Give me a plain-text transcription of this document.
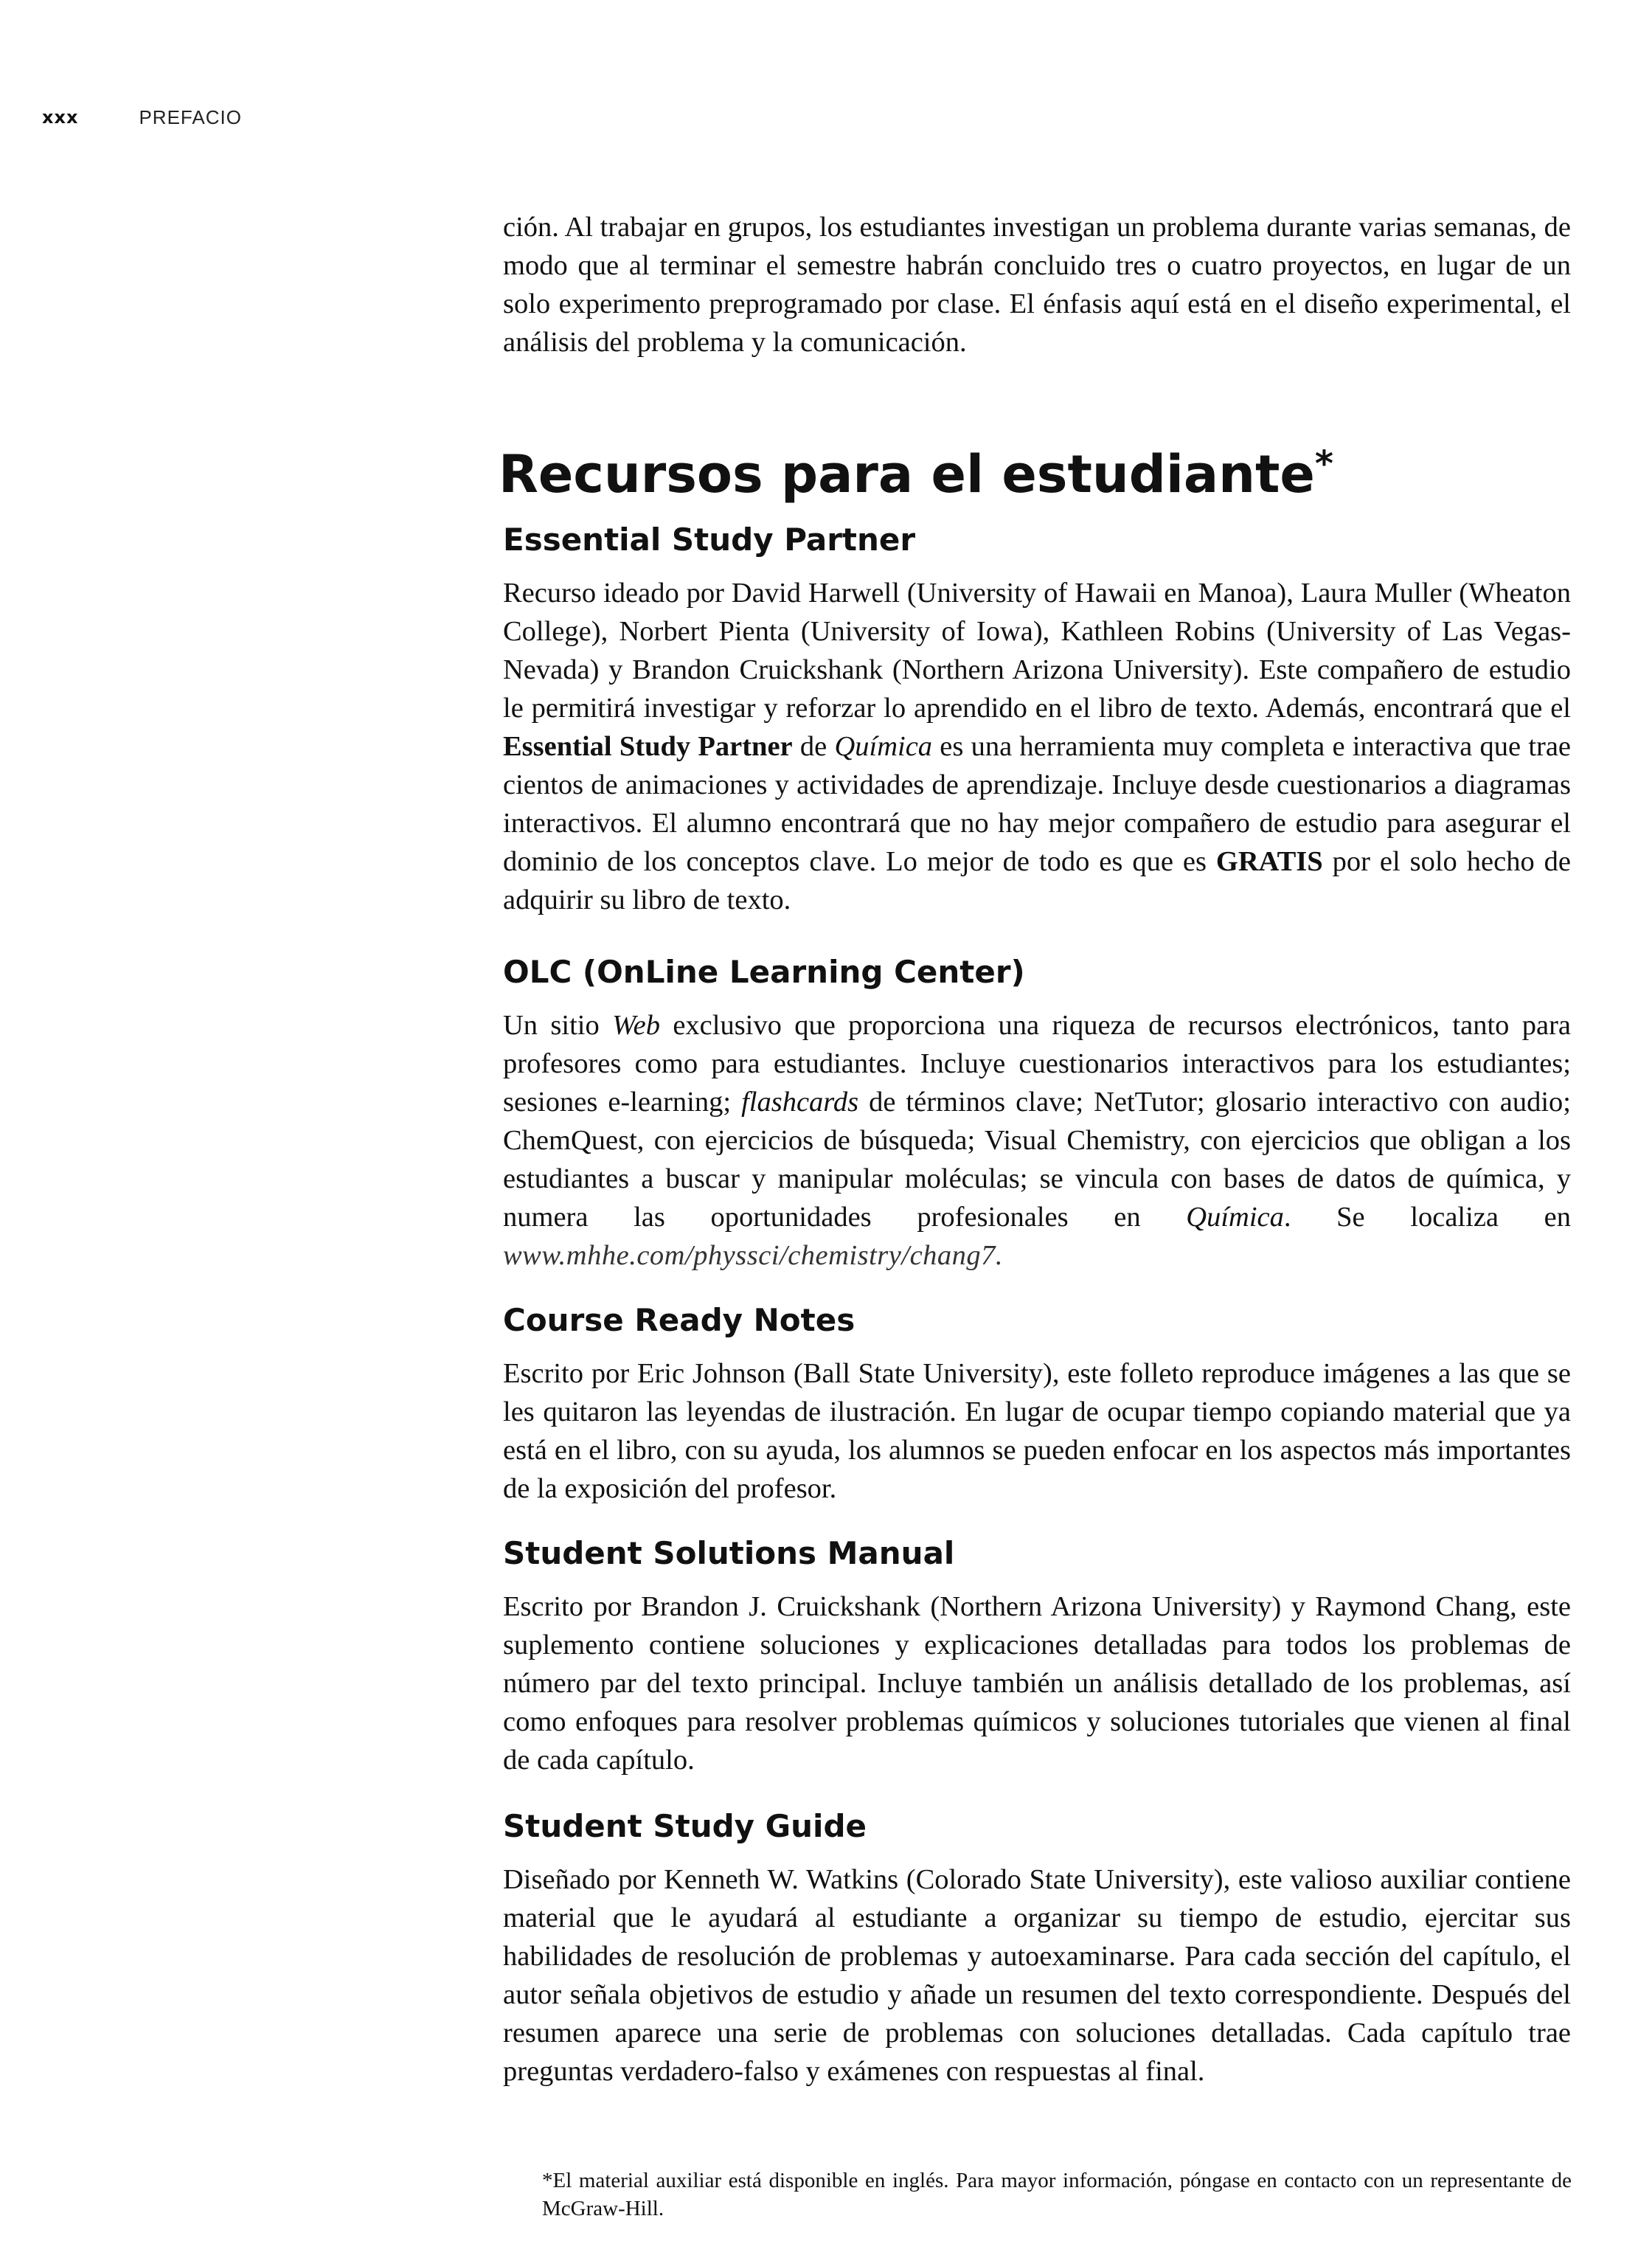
xxx	PREFACIO

ción. Al trabajar en grupos, los estudiantes investigan un problema durante varias semanas, de modo que al terminar el semestre habrán concluido tres o cuatro proyectos, en lugar de un solo experimento preprogramado por clase. El énfasis aquí está en el diseño experimental, el análisis del problema y la comunicación.

Recursos para el estudiante*
Essential Study Partner

Recurso ideado por David Harwell (University of Hawaii en Manoa), Laura Muller (Wheaton College), Norbert Pienta (University of Iowa), Kathleen Robins (University of Las Vegas-Nevada) y Brandon Cruickshank (Northern Arizona University). Este compañero de estudio le permitirá investigar y reforzar lo aprendido en el libro de texto. Además, encontrará que el Essential Study Partner de Química es una herramienta muy completa e interactiva que trae cientos de animaciones y actividades de aprendizaje. Incluye desde cuestionarios a diagramas interactivos. El alumno encontrará que no hay mejor compañero de estudio para asegurar el dominio de los conceptos clave. Lo mejor de todo es que es GRATIS por el solo hecho de adquirir su libro de texto.

OLC (OnLine Learning Center)

Un sitio Web exclusivo que proporciona una riqueza de recursos electrónicos, tanto para profesores como para estudiantes. Incluye cuestionarios interactivos para los estudiantes; sesiones e-learning; flashcards de términos clave; NetTutor; glosario interactivo con audio; ChemQuest, con ejercicios de búsqueda; Visual Chemistry, con ejercicios que obligan a los estudiantes a buscar y manipular moléculas; se vincula con bases de datos de química, y numera las oportunidades profesionales en Química. Se localiza en www.mhhe.com/physsci/chemistry/chang7.

Course Ready Notes

Escrito por Eric Johnson (Ball State University), este folleto reproduce imágenes a las que se les quitaron las leyendas de ilustración. En lugar de ocupar tiempo copiando material que ya está en el libro, con su ayuda, los alumnos se pueden enfocar en los aspectos más importantes de la exposición del profesor.

Student Solutions Manual

Escrito por Brandon J. Cruickshank (Northern Arizona University) y Raymond Chang, este suplemento contiene soluciones y explicaciones detalladas para todos los problemas de número par del texto principal. Incluye también un análisis detallado de los problemas, así como enfoques para resolver problemas químicos y soluciones tutoriales que vienen al final de cada capítulo.

Student Study Guide

Diseñado por Kenneth W. Watkins (Colorado State University), este valioso auxiliar contiene material que le ayudará al estudiante a organizar su tiempo de estudio, ejercitar sus habilidades de resolución de problemas y autoexaminarse. Para cada sección del capítulo, el autor señala objetivos de estudio y añade un resumen del texto correspondiente. Después del resumen aparece una serie de problemas con soluciones detalladas. Cada capítulo trae preguntas verdadero-falso y exámenes con respuestas al final.

*El material auxiliar está disponible en inglés. Para mayor información, póngase en contacto con un representante de McGraw-Hill.
